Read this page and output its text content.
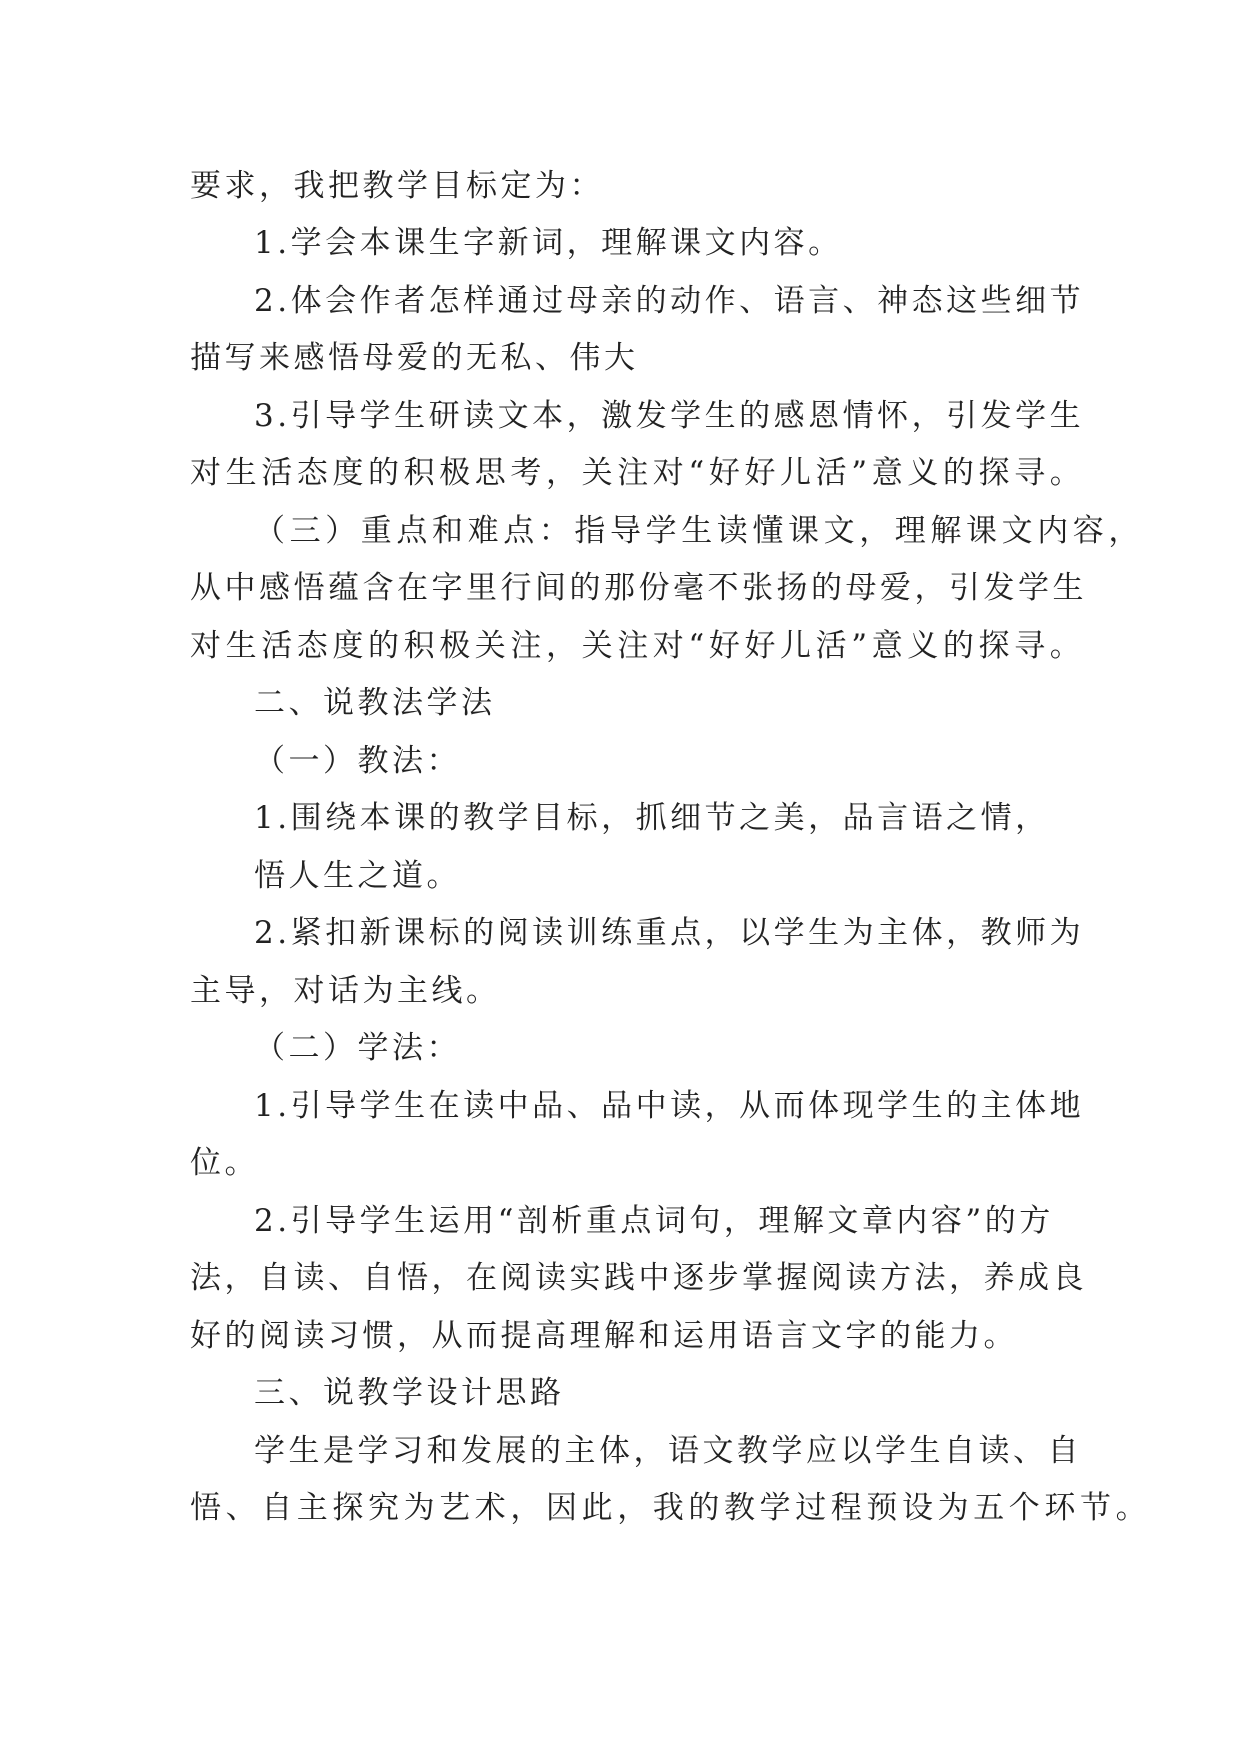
要求，我把教学目标定为：
1.学会本课生字新词，理解课文内容。
2.体会作者怎样通过母亲的动作、语言、神态这些细节
描写来感悟母爱的无私、伟大
3.引导学生研读文本，激发学生的感恩情怀，引发学生
对生活态度的积极思考，关注对“好好儿活”意义的探寻。
（三）重点和难点：指导学生读懂课文，理解课文内容，
从中感悟蕴含在字里行间的那份毫不张扬的母爱，引发学生
对生活态度的积极关注，关注对“好好儿活”意义的探寻。
二、说教法学法
（一）教法：
1.围绕本课的教学目标，抓细节之美，品言语之情，
悟人生之道。
2.紧扣新课标的阅读训练重点，以学生为主体，教师为
主导，对话为主线。
（二）学法：
1.引导学生在读中品、品中读，从而体现学生的主体地
位。
2.引导学生运用“剖析重点词句，理解文章内容”的方
法，自读、自悟，在阅读实践中逐步掌握阅读方法，养成良
好的阅读习惯，从而提高理解和运用语言文字的能力。
三、说教学设计思路
学生是学习和发展的主体，语文教学应以学生自读、自
悟、自主探究为艺术，因此，我的教学过程预设为五个环节。
